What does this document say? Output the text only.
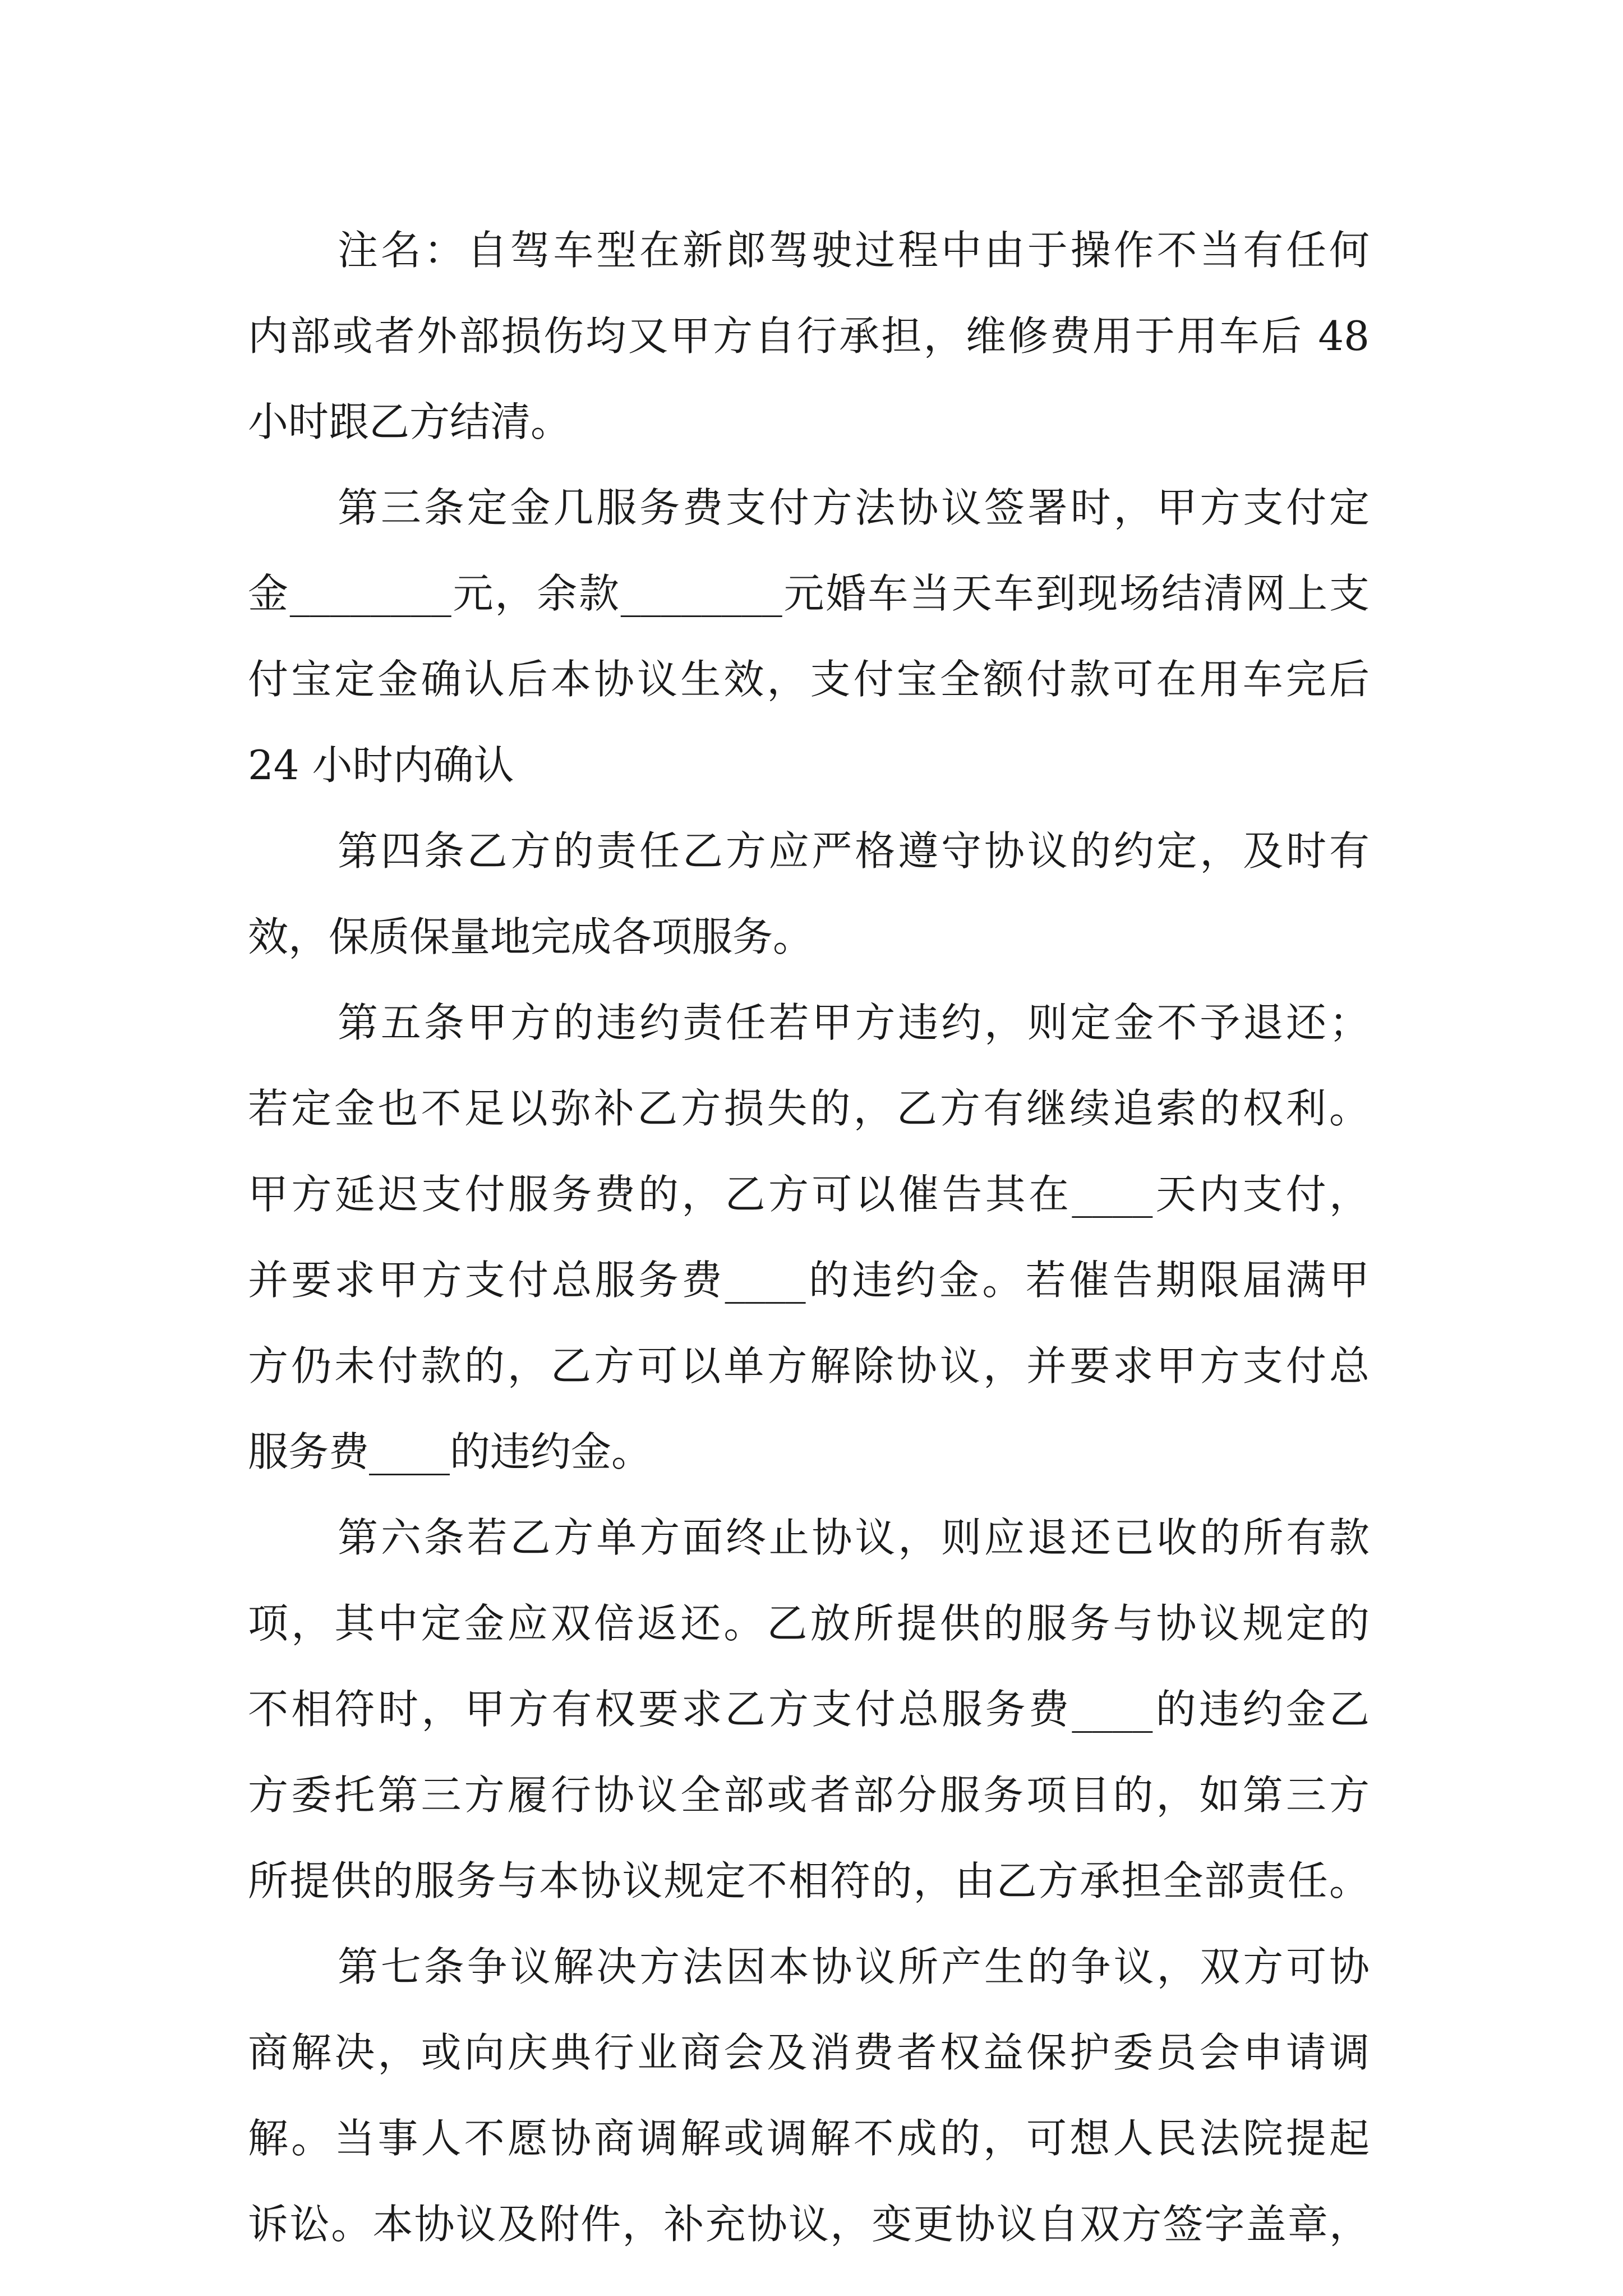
注名：自驾车型在新郎驾驶过程中由于操作不当有任何
内部或者外部损伤均又甲方自行承担，维修费用于用车后 48
小时跟乙方结清。
第三条定金几服务费支付方法协议签署时，甲方支付定
金________元，余款________元婚车当天车到现场结清网上支
付宝定金确认后本协议生效，支付宝全额付款可在用车完后
24 小时内确认
第四条乙方的责任乙方应严格遵守协议的约定，及时有
效，保质保量地完成各项服务。
第五条甲方的违约责任若甲方违约，则定金不予退还；
若定金也不足以弥补乙方损失的，乙方有继续追索的权利。
甲方延迟支付服务费的，乙方可以催告其在____天内支付，
并要求甲方支付总服务费____的违约金。若催告期限届满甲
方仍未付款的，乙方可以单方解除协议，并要求甲方支付总
服务费____的违约金。
第六条若乙方单方面终止协议，则应退还已收的所有款
项，其中定金应双倍返还。乙放所提供的服务与协议规定的
不相符时，甲方有权要求乙方支付总服务费____的违约金乙
方委托第三方履行协议全部或者部分服务项目的，如第三方
所提供的服务与本协议规定不相符的，由乙方承担全部责任。
第七条争议解决方法因本协议所产生的争议，双方可协
商解决，或向庆典行业商会及消费者权益保护委员会申请调
解。当事人不愿协商调解或调解不成的，可想人民法院提起
诉讼。本协议及附件，补充协议，变更协议自双方签字盖章，
